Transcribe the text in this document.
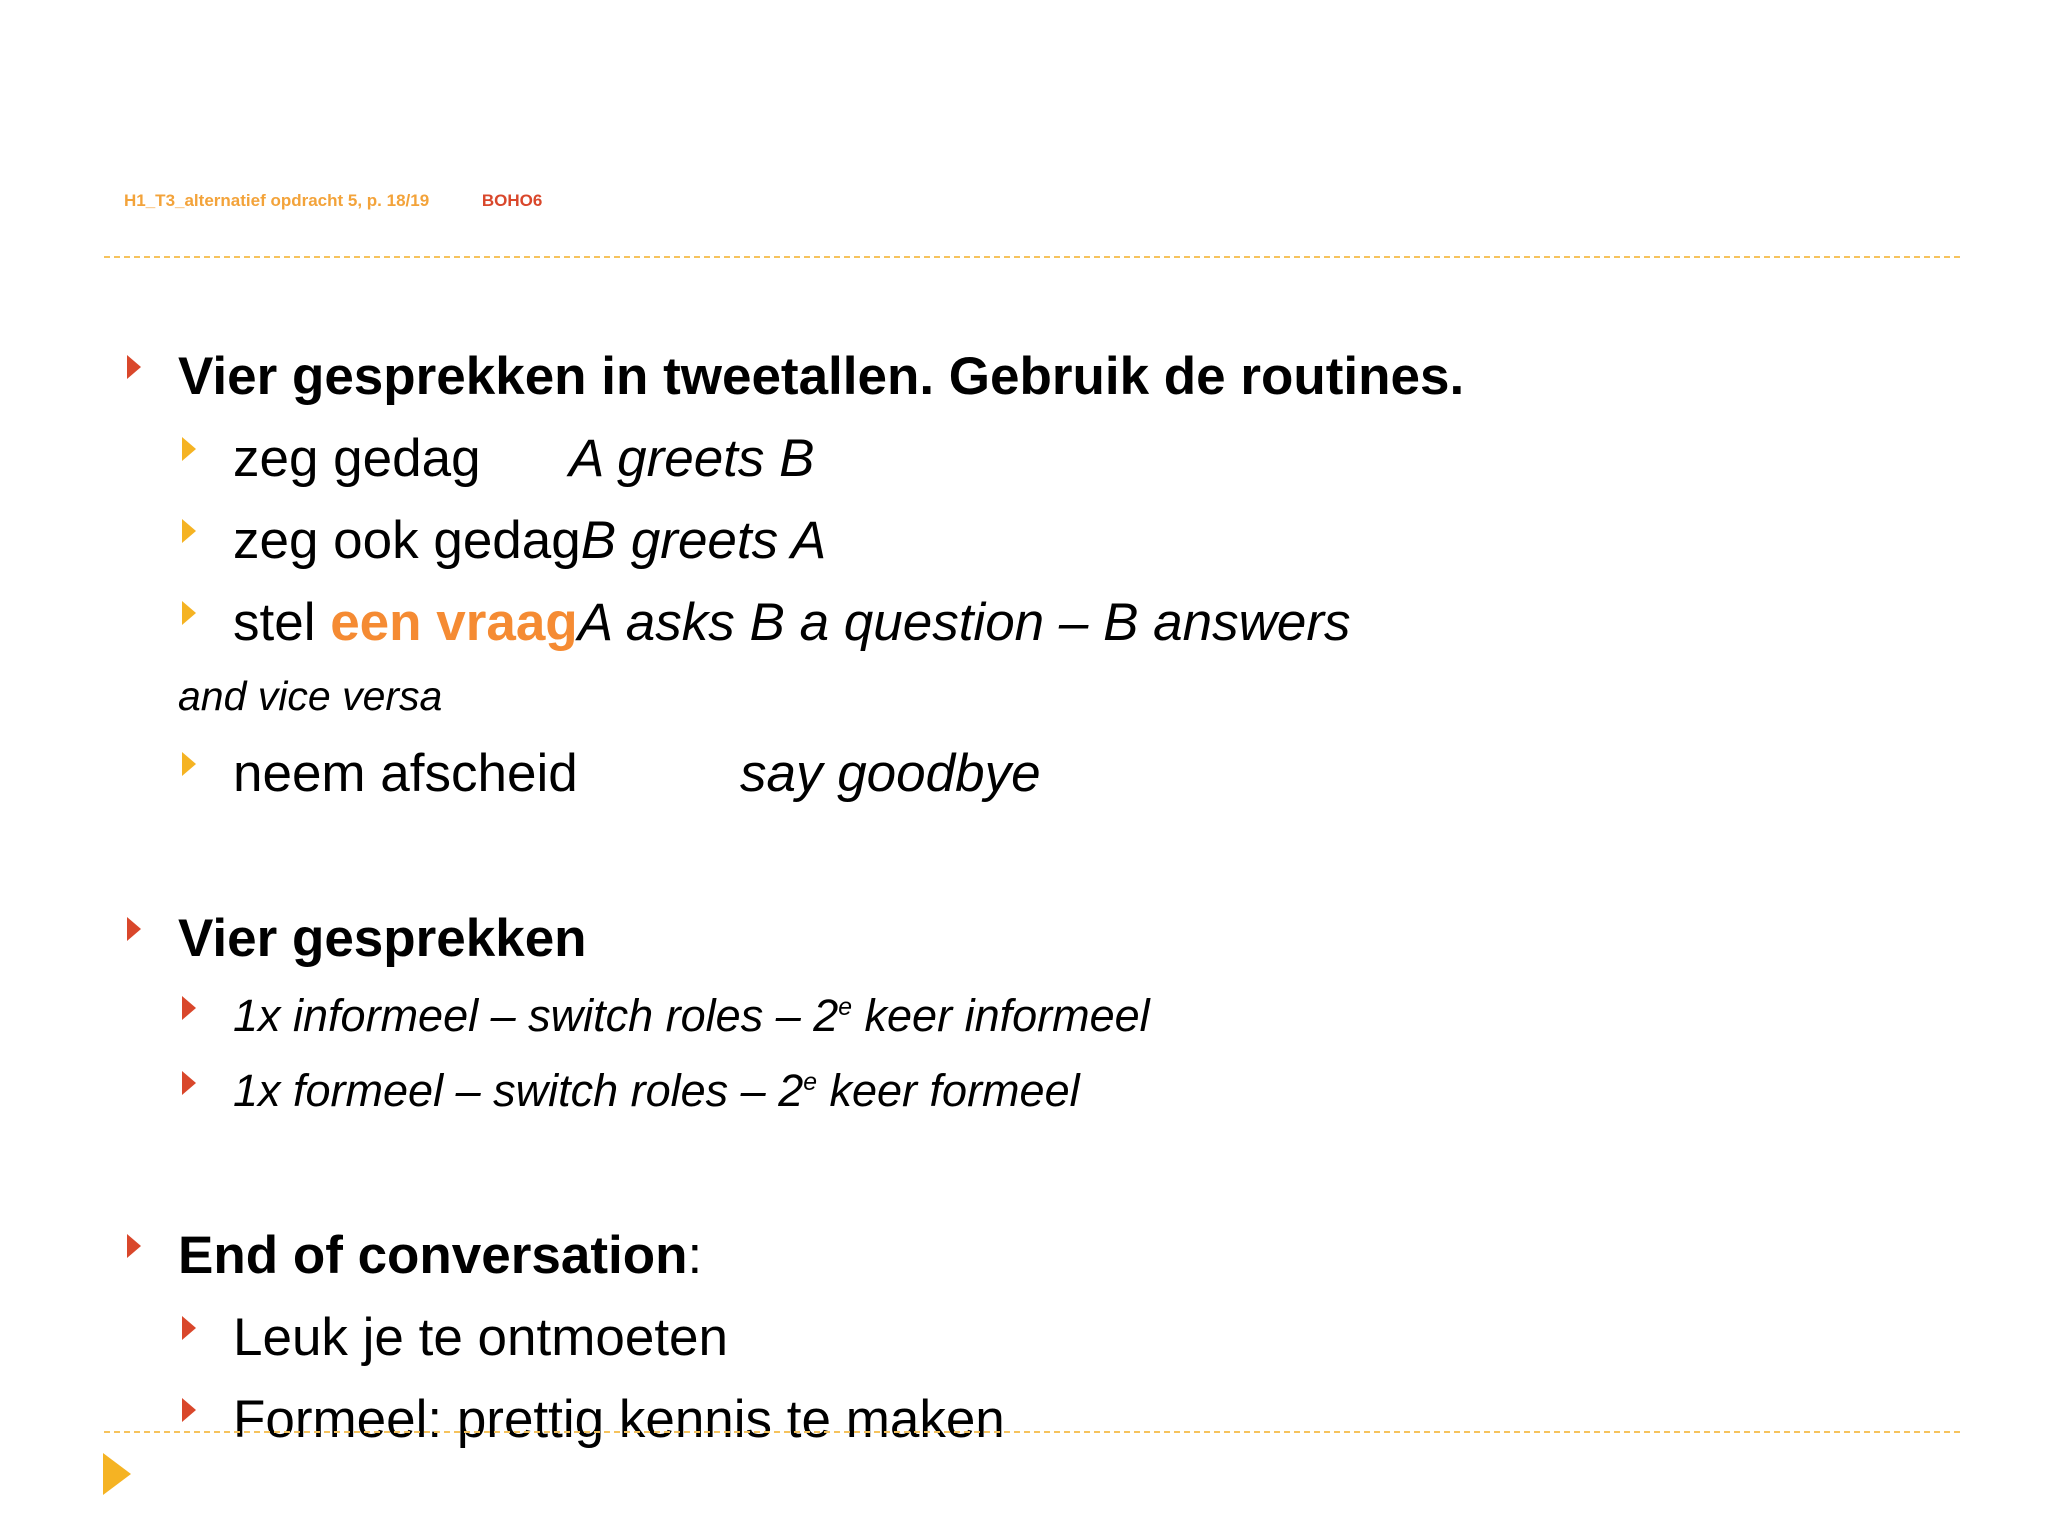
H1_T3_alternatief opdracht 5, p. 18/19	BOHO6
Vier gesprekken in tweetallen. Gebruik de routines.
zeg gedag A greets B
zeg ook gedagB greets A
stel een vraagA asks B a question – B answers
and vice versa
neem afscheid	say goodbye
Vier gesprekken
1x informeel – switch roles – 2e keer informeel
1x formeel – switch roles – 2e keer formeel
End of conversation:
Leuk je te ontmoeten
Formeel: prettig kennis te maken
